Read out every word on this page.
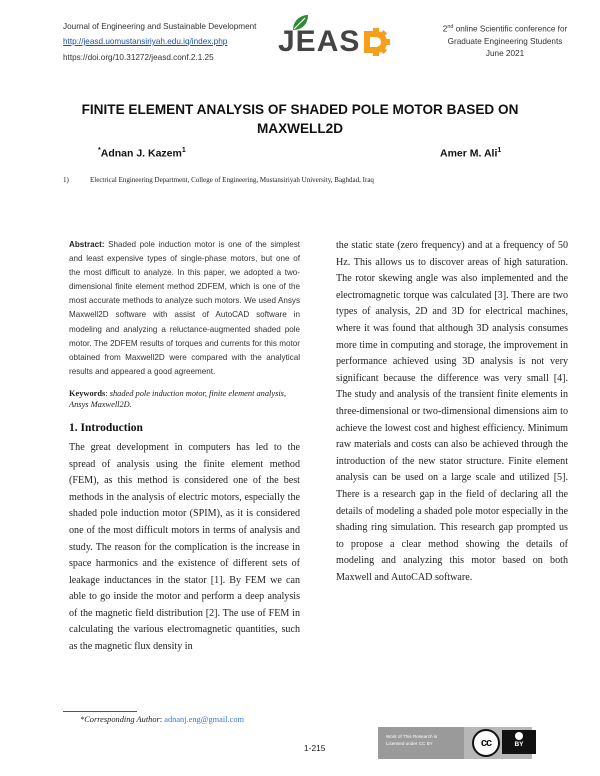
Journal of Engineering and Sustainable Development
http://jeasd.uomustansiriyah.edu.iq/index.php
https://doi.org/10.31272/jeasd.conf.2.1.25 JEAS	2nd online Scientific conference for
Graduate Engineering Students
June 2021
FINITE ELEMENT ANALYSIS OF SHADED POLE MOTOR BASED ON
MAXWELL2D
*Adnan J. Kazem$^1$	Amer M. Ali$^1$
1)	Electrical Engineering Department, College of Engineering, Mustansiriyah University, Baghdad, Iraq
Abstract: Shaded pole induction motor is one of the simplest and least expensive types of single-phase motors, but one of the most difficult to analyze. In this paper, we adopted a two-dimensional finite element method 2DFEM, which is one of the most accurate methods to analyze such motors. We used Ansys Maxwell2D software with assist of AutoCAD software in modeling and analyzing a reluctance-augmented shaded pole motor. The 2DFEM results of torques and currents for this motor obtained from Maxwell2D were compared with the analytical results and appeared a good agreement.
Keywords: shaded pole induction motor, finite element analysis, Ansys Maxwell2D.
1. Introduction
The great development in computers has led to the spread of analysis using the finite element method (FEM), as this method is considered one of the best methods in the analysis of electric motors, especially the shaded pole induction motor (SPIM), as it is considered one of the most difficult motors in terms of analysis and study. The reason for the complication is the increase in space harmonics and the existence of different sets of leakage inductances in the stator [1]. By FEM we can able to go inside the motor and perform a deep analysis of the magnetic field distribution [2]. The use of FEM in calculating the various electromagnetic quantities, such as the magnetic flux density in
the static state (zero frequency) and at a frequency of 50 Hz. This allows us to discover areas of high saturation. The rotor skewing angle was also implemented and the electromagnetic torque was calculated [3]. There are two types of analysis, 2D and 3D for electrical machines, where it was found that although 3D analysis consumes more time in computing and storage, the improvement in performance achieved using 3D analysis is not very significant because the difference was very small [4]. The study and analysis of the transient finite elements in three-dimensional or two-dimensional dimensions aim to achieve the lowest cost and highest efficiency. Minimum raw materials and costs can also be achieved through the introduction of the new stator structure. Finite element analysis can be used on a large scale and utilized [5]. There is a research gap in the field of declaring all the details of modeling a shaded pole motor especially in the shading ring simulation. This research gap prompted us to propose a clear method showing the details of modeling and analyzing this motor based on both Maxwell and AutoCAD software.
*Corresponding Author: adnanj.eng@gmail.com
1-215
Work of This Research is
Licensed under CC BY	cc	BY
